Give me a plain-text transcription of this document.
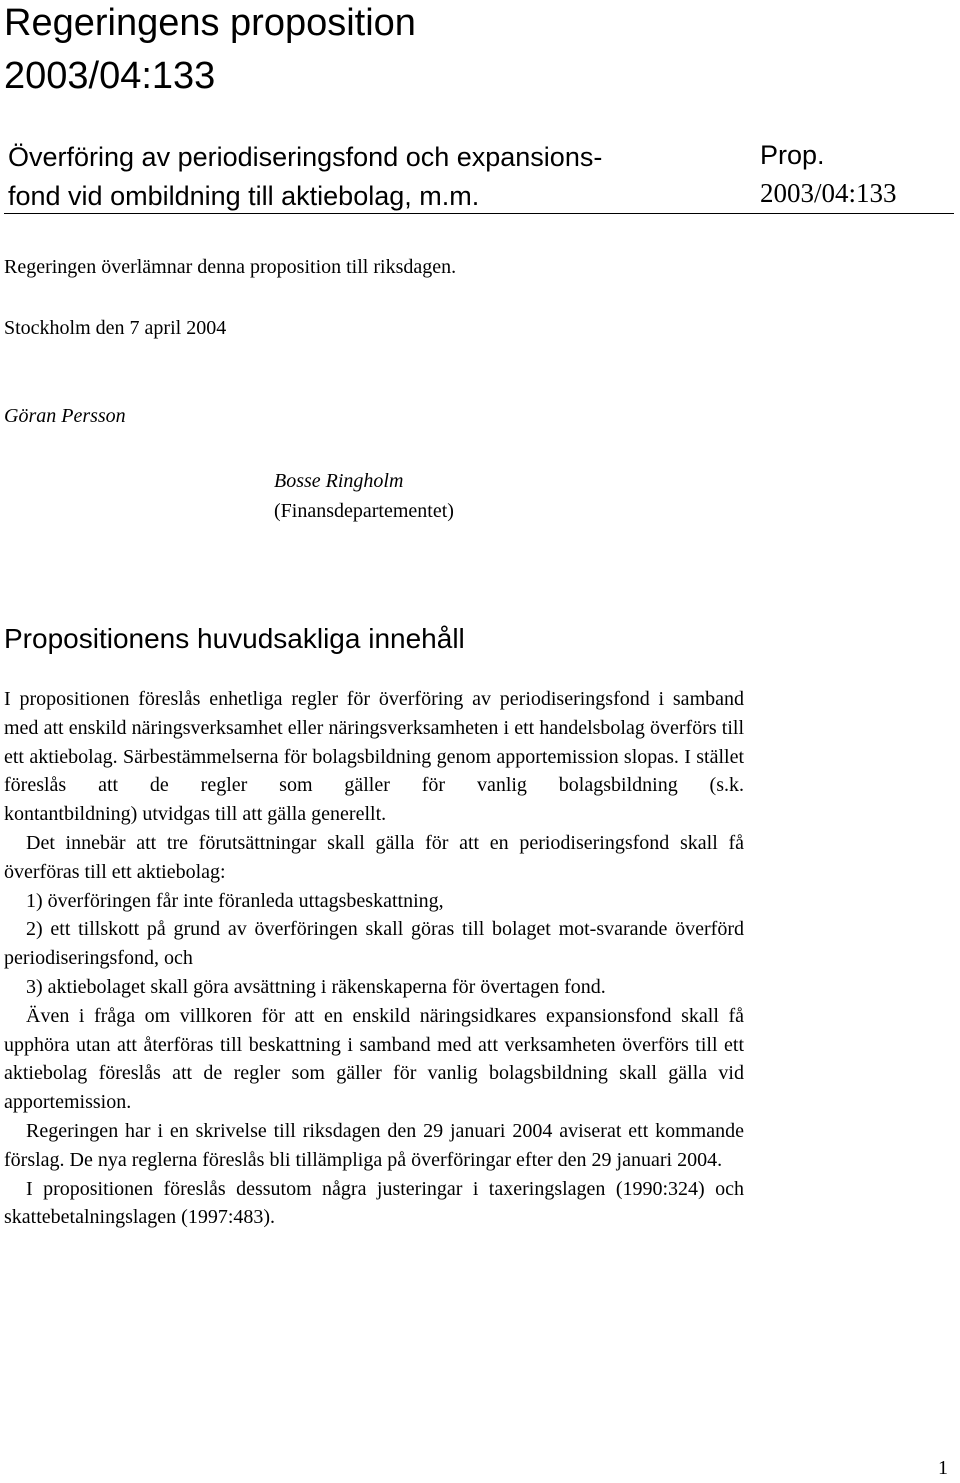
Regeringens proposition
2003/04:133
Överföring av periodiseringsfond och expansions-
fond vid ombildning till aktiebolag, m.m.
Prop.
2003/04:133
Regeringen överlämnar denna proposition till riksdagen.
Stockholm den 7 april 2004
Göran Persson
Bosse Ringholm
(Finansdepartementet)
Propositionens huvudsakliga innehåll

I propositionen föreslås enhetliga regler för överföring av periodiseringsfond i samband med att enskild näringsverksamhet eller näringsverksamheten i ett handelsbolag överförs till ett aktiebolag. Särbestämmelserna för bolagsbildning genom apportemission slopas. I stället föreslås att de regler som gäller för vanlig bolagsbildning (s.k.

kontantbildning) utvidgas till att gälla generellt.

Det innebär att tre förutsättningar skall gälla för att en periodiseringsfond skall få överföras till ett aktiebolag:

1) överföringen får inte föranleda uttagsbeskattning,

2) ett tillskott på grund av överföringen skall göras till bolaget mot-svarande överförd periodiseringsfond, och

3) aktiebolaget skall göra avsättning i räkenskaperna för övertagen fond.

Även i fråga om villkoren för att en enskild näringsidkares expansionsfond skall få upphöra utan att återföras till beskattning i samband med att verksamheten överförs till ett aktiebolag föreslås att de regler som gäller för vanlig bolagsbildning skall gälla vid apportemission.

Regeringen har i en skrivelse till riksdagen den 29 januari 2004 aviserat ett kommande förslag. De nya reglerna föreslås bli tillämpliga på överföringar efter den 29 januari 2004.

I propositionen föreslås dessutom några justeringar i taxeringslagen (1990:324) och skattebetalningslagen (1997:483).

1
